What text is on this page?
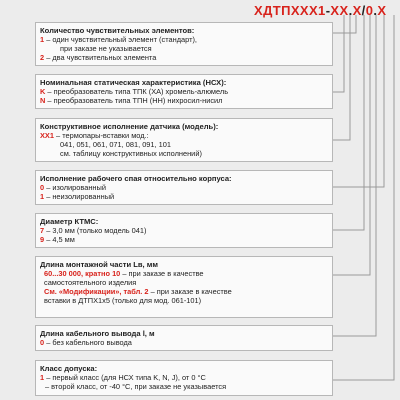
ХДТПXXX1-XX.X/0.X
Количество чувствительных элементов:
1 – один чувствительный элемент (стандарт),
при заказе не указывается
2 – два чувствительных элемента
Номинальная статическая характеристика (НСХ):
K – преобразователь типа ТПК (ХА) хромель-алюмель
N – преобразователь типа ТПН (НН) нихросил-нисил
Конструктивное исполнение датчика (модель):
XX1 – термопары-вставки мод.:
041, 051, 061, 071, 081, 091, 101
см. таблицу конструктивных исполнений)
Исполнение рабочего спая относительно корпуса:
0 – изолированный
1 – неизолированный
Диаметр КТМС:
7 – 3,0 мм (только модель 041)
9 – 4,5 мм
Длина монтажной части Lв, мм
60...30 000, кратно 10 – при заказе в качестве
самостоятельного изделия
См. «Модификации», табл. 2 – при заказе в качестве
вставки в ДТПХ1х5 (только для мод. 061-101)
Длина кабельного вывода l, м
0 – без кабельного вывода
Класс допуска:
1 – первый класс (для НСХ типа K, N, J), от 0 °С
– второй класс, от -40 °С, при заказе не указывается
